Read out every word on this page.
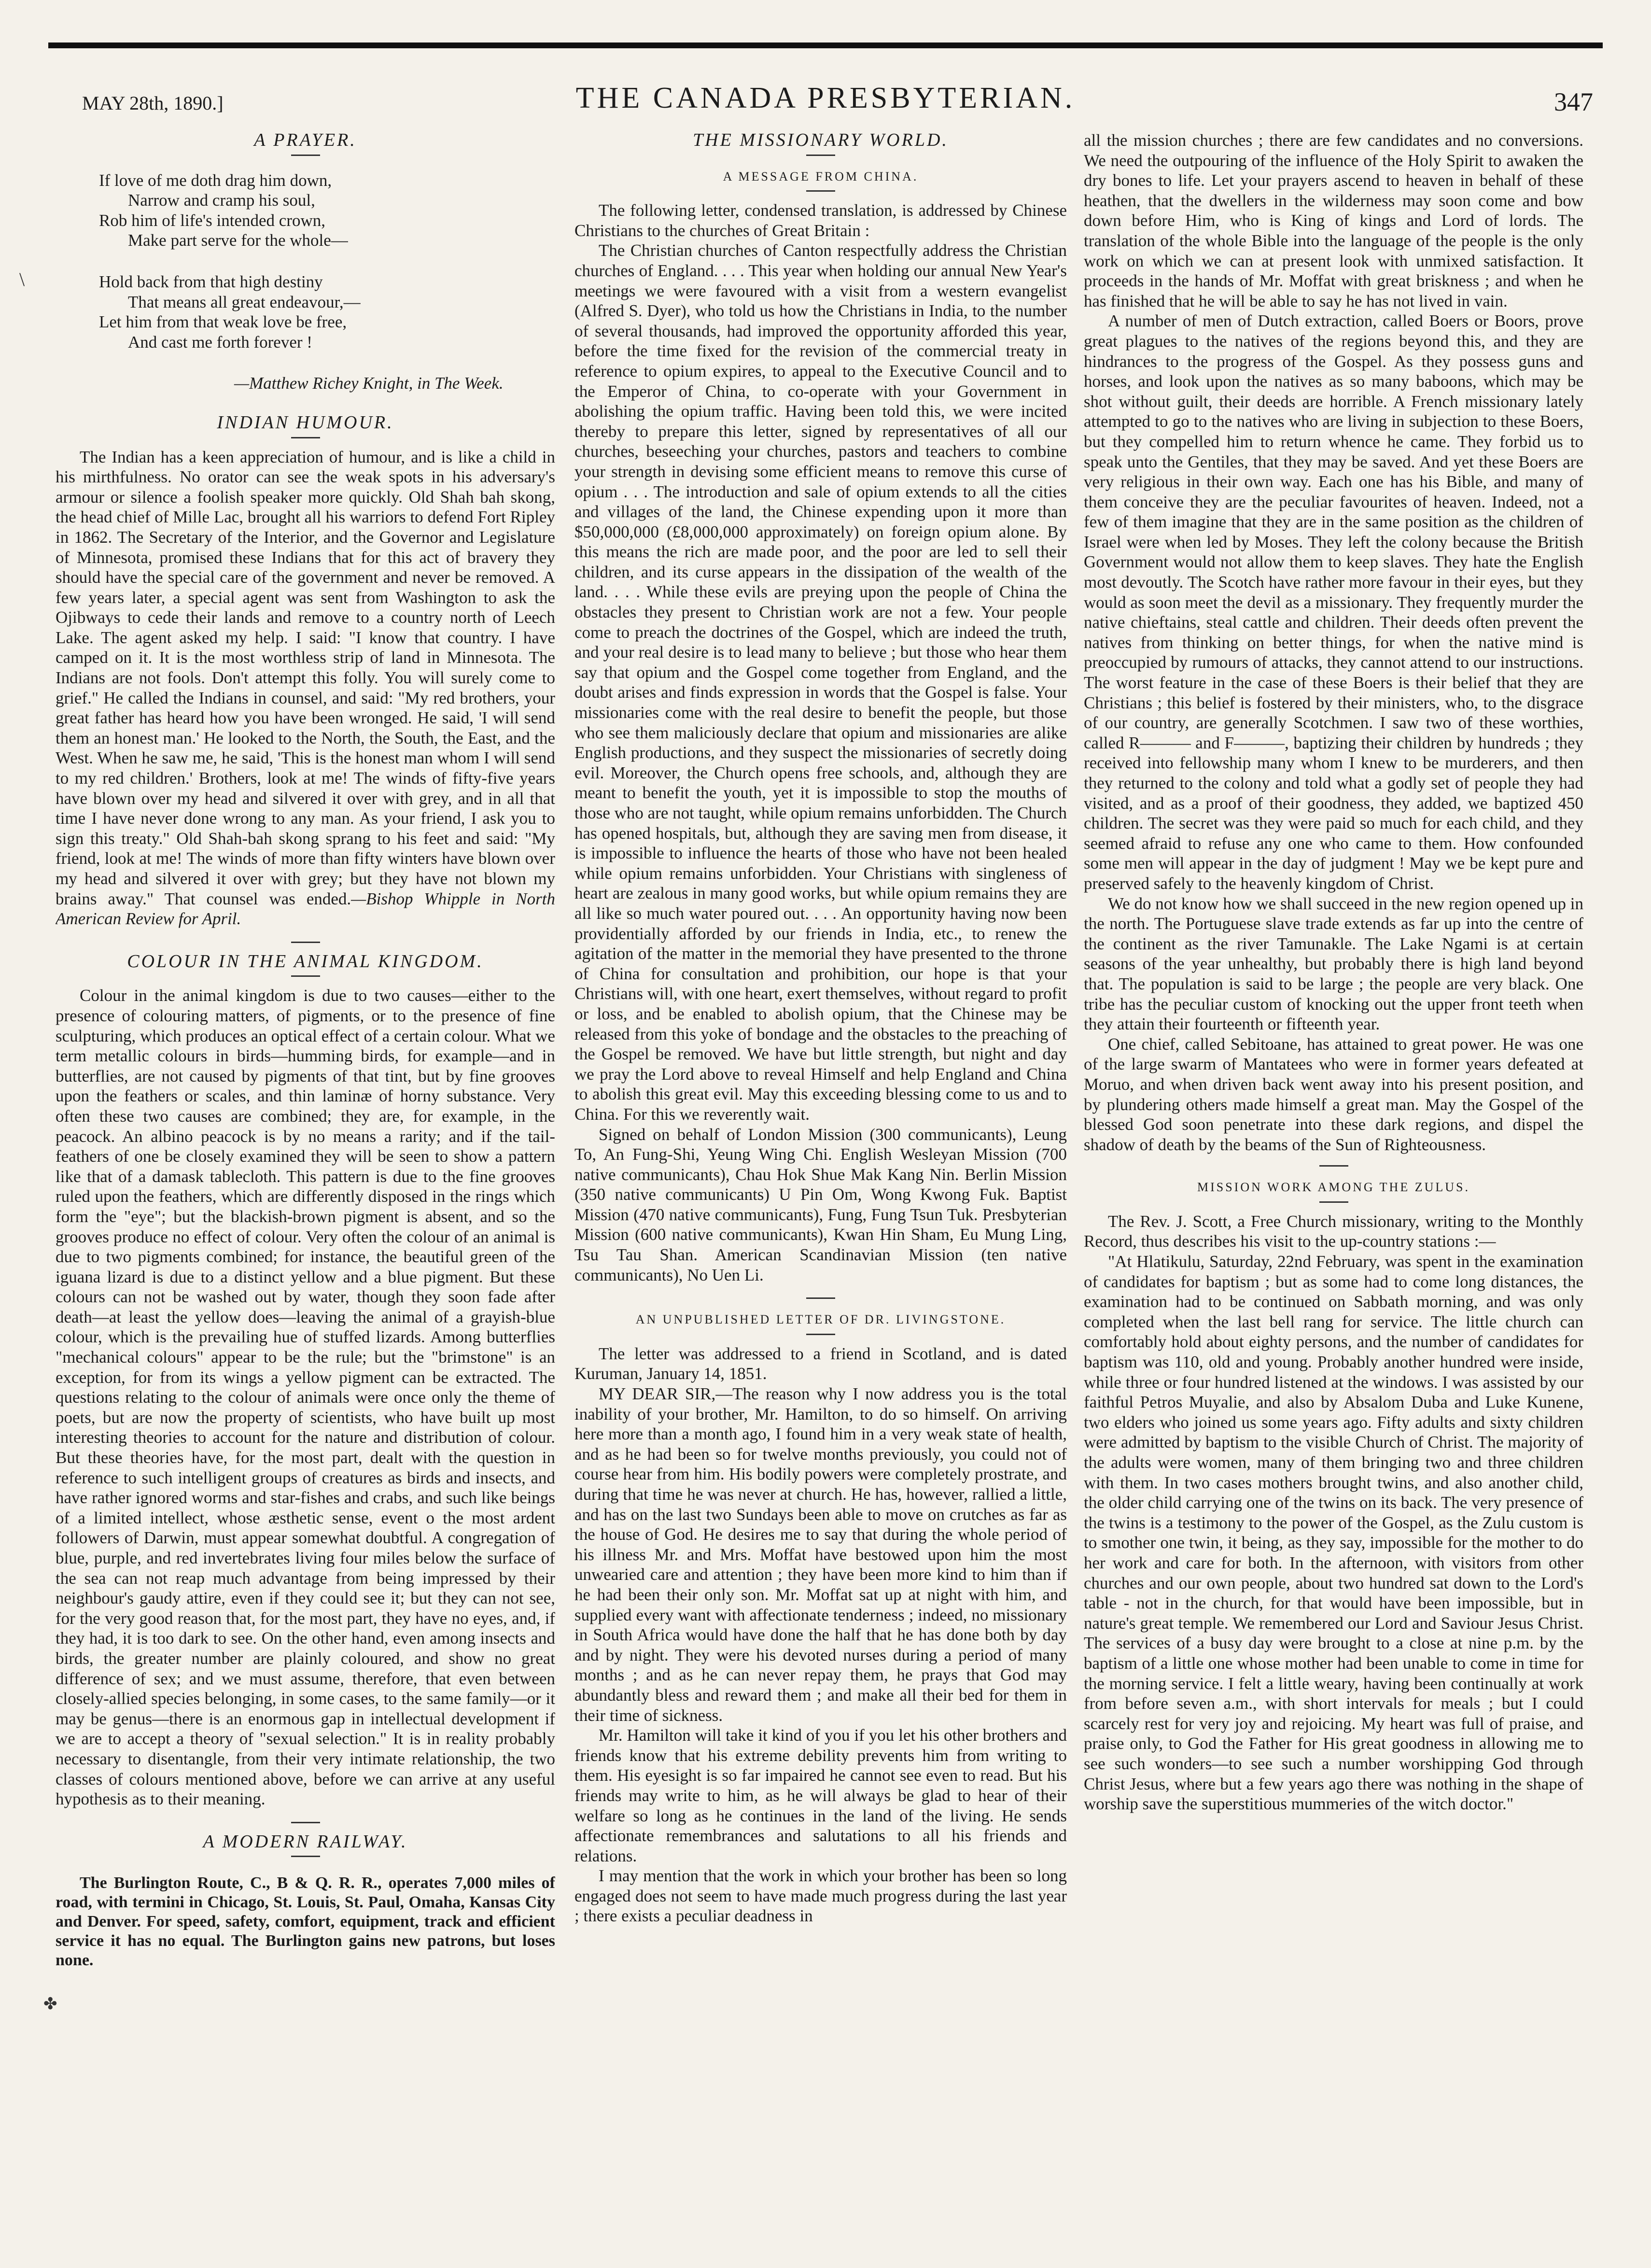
MAY 28th, 1890.]	THE CANADA PRESBYTERIAN.	347
\
✤
A PRAYER.
If love of me doth drag him down,
Narrow and cramp his soul,
Rob him of life's intended crown,
Make part serve for the whole—
Hold back from that high destiny
That means all great endeavour,—
Let him from that weak love be free,
And cast me forth forever !
—Matthew Richey Knight, in The Week.
INDIAN HUMOUR.

The Indian has a keen appreciation of humour, and is like a child in his mirthfulness. No orator can see the weak spots in his adversary's armour or silence a foolish speaker more quickly. Old Shah bah skong, the head chief of Mille Lac, brought all his warriors to defend Fort Ripley in 1862. The Secretary of the Interior, and the Governor and Legislature of Minnesota, promised these Indians that for this act of bravery they should have the special care of the government and never be removed. A few years later, a special agent was sent from Washington to ask the Ojibways to cede their lands and remove to a country north of Leech Lake. The agent asked my help. I said: "I know that country. I have camped on it. It is the most worthless strip of land in Minnesota. The Indians are not fools. Don't attempt this folly. You will surely come to grief." He called the Indians in counsel, and said: "My red brothers, your great father has heard how you have been wronged. He said, 'I will send them an honest man.' He looked to the North, the South, the East, and the West. When he saw me, he said, 'This is the honest man whom I will send to my red children.' Brothers, look at me! The winds of fifty-five years have blown over my head and silvered it over with grey, and in all that time I have never done wrong to any man. As your friend, I ask you to sign this treaty." Old Shah-bah skong sprang to his feet and said: "My friend, look at me! The winds of more than fifty winters have blown over my head and silvered it over with grey; but they have not blown my brains away." That counsel was ended.—Bishop Whipple in North American Review for April.

COLOUR IN THE ANIMAL KINGDOM.

Colour in the animal kingdom is due to two causes—either to the presence of colouring matters, of pigments, or to the presence of fine sculpturing, which produces an optical effect of a certain colour. What we term metallic colours in birds—humming birds, for example—and in butterflies, are not caused by pigments of that tint, but by fine grooves upon the feathers or scales, and thin laminæ of horny substance. Very often these two causes are combined; they are, for example, in the peacock. An albino peacock is by no means a rarity; and if the tail-feathers of one be closely examined they will be seen to show a pattern like that of a damask tablecloth. This pattern is due to the fine grooves ruled upon the feathers, which are differently disposed in the rings which form the "eye"; but the blackish-brown pigment is absent, and so the grooves produce no effect of colour. Very often the colour of an animal is due to two pigments combined; for instance, the beautiful green of the iguana lizard is due to a distinct yellow and a blue pigment. But these colours can not be washed out by water, though they soon fade after death—at least the yellow does—leaving the animal of a grayish-blue colour, which is the prevailing hue of stuffed lizards. Among butterflies "mechanical colours" appear to be the rule; but the "brimstone" is an exception, for from its wings a yellow pigment can be extracted. The questions relating to the colour of animals were once only the theme of poets, but are now the property of scientists, who have built up most interesting theories to account for the nature and distribution of colour. But these theories have, for the most part, dealt with the question in reference to such intelligent groups of creatures as birds and insects, and have rather ignored worms and star-fishes and crabs, and such like beings of a limited intellect, whose æsthetic sense, event o the most ardent followers of Darwin, must appear somewhat doubtful. A congregation of blue, purple, and red invertebrates living four miles below the surface of the sea can not reap much advantage from being impressed by their neighbour's gaudy attire, even if they could see it; but they can not see, for the very good reason that, for the most part, they have no eyes, and, if they had, it is too dark to see. On the other hand, even among insects and birds, the greater number are plainly coloured, and show no great difference of sex; and we must assume, therefore, that even between closely-allied species belonging, in some cases, to the same family—or it may be genus—there is an enormous gap in intellectual development if we are to accept a theory of "sexual selection." It is in reality probably necessary to disentangle, from their very intimate relationship, the two classes of colours mentioned above, before we can arrive at any useful hypothesis as to their meaning.

A MODERN RAILWAY.

The Burlington Route, C., B & Q. R. R., operates 7,000 miles of road, with termini in Chicago, St. Louis, St. Paul, Omaha, Kansas City and Denver. For speed, safety, comfort, equipment, track and efficient service it has no equal. The Burlington gains new patrons, but loses none.

THE MISSIONARY WORLD.
A MESSAGE FROM CHINA.

The following letter, condensed translation, is addressed by Chinese Christians to the churches of Great Britain :

The Christian churches of Canton respectfully address the Christian churches of England. . . . This year when holding our annual New Year's meetings we were favoured with a visit from a western evangelist (Alfred S. Dyer), who told us how the Christians in India, to the number of several thousands, had improved the opportunity afforded this year, before the time fixed for the revision of the commercial treaty in reference to opium expires, to appeal to the Executive Council and to the Emperor of China, to co-operate with your Government in abolishing the opium traffic. Having been told this, we were incited thereby to prepare this letter, signed by representatives of all our churches, beseeching your churches, pastors and teachers to combine your strength in devising some efficient means to remove this curse of opium . . . The introduction and sale of opium extends to all the cities and villages of the land, the Chinese expending upon it more than $50,000,000 (£8,000,000 approximately) on foreign opium alone. By this means the rich are made poor, and the poor are led to sell their children, and its curse appears in the dissipation of the wealth of the land. . . . While these evils are preying upon the people of China the obstacles they present to Christian work are not a few. Your people come to preach the doctrines of the Gospel, which are indeed the truth, and your real desire is to lead many to believe ; but those who hear them say that opium and the Gospel come together from England, and the doubt arises and finds expression in words that the Gospel is false. Your missionaries come with the real desire to benefit the people, but those who see them maliciously declare that opium and missionaries are alike English productions, and they suspect the missionaries of secretly doing evil. Moreover, the Church opens free schools, and, although they are meant to benefit the youth, yet it is impossible to stop the mouths of those who are not taught, while opium remains unforbidden. The Church has opened hospitals, but, although they are saving men from disease, it is impossible to influence the hearts of those who have not been healed while opium remains unforbidden. Your Christians with singleness of heart are zealous in many good works, but while opium remains they are all like so much water poured out. . . . An opportunity having now been providentially afforded by our friends in India, etc., to renew the agitation of the matter in the memorial they have presented to the throne of China for consultation and prohibition, our hope is that your Christians will, with one heart, exert themselves, without regard to profit or loss, and be enabled to abolish opium, that the Chinese may be released from this yoke of bondage and the obstacles to the preaching of the Gospel be removed. We have but little strength, but night and day we pray the Lord above to reveal Himself and help England and China to abolish this great evil. May this exceeding blessing come to us and to China. For this we reverently wait.

Signed on behalf of London Mission (300 communicants), Leung To, An Fung-Shi, Yeung Wing Chi. English Wesleyan Mission (700 native communicants), Chau Hok Shue Mak Kang Nin. Berlin Mission (350 native communicants) U Pin Om, Wong Kwong Fuk. Baptist Mission (470 native communicants), Fung, Fung Tsun Tuk. Presbyterian Mission (600 native communicants), Kwan Hin Sham, Eu Mung Ling, Tsu Tau Shan. American Scandinavian Mission (ten native communicants), No Uen Li.

AN UNPUBLISHED LETTER OF DR. LIVINGSTONE.

The letter was addressed to a friend in Scotland, and is dated Kuruman, January 14, 1851.

MY DEAR SIR,—The reason why I now address you is the total inability of your brother, Mr. Hamilton, to do so himself. On arriving here more than a month ago, I found him in a very weak state of health, and as he had been so for twelve months previously, you could not of course hear from him. His bodily powers were completely prostrate, and during that time he was never at church. He has, however, rallied a little, and has on the last two Sundays been able to move on crutches as far as the house of God. He desires me to say that during the whole period of his illness Mr. and Mrs. Moffat have bestowed upon him the most unwearied care and attention ; they have been more kind to him than if he had been their only son. Mr. Moffat sat up at night with him, and supplied every want with affectionate tenderness ; indeed, no missionary in South Africa would have done the half that he has done both by day and by night. They were his devoted nurses during a period of many months ; and as he can never repay them, he prays that God may abundantly bless and reward them ; and make all their bed for them in their time of sickness.

Mr. Hamilton will take it kind of you if you let his other brothers and friends know that his extreme debility prevents him from writing to them. His eyesight is so far impaired he cannot see even to read. But his friends may write to him, as he will always be glad to hear of their welfare so long as he continues in the land of the living. He sends affectionate remembrances and salutations to all his friends and relations.

I may mention that the work in which your brother has been so long engaged does not seem to have made much progress during the last year ; there exists a peculiar deadness in

all the mission churches ; there are few candidates and no conversions. We need the outpouring of the influence of the Holy Spirit to awaken the dry bones to life. Let your prayers ascend to heaven in behalf of these heathen, that the dwellers in the wilderness may soon come and bow down before Him, who is King of kings and Lord of lords. The translation of the whole Bible into the language of the people is the only work on which we can at present look with unmixed satisfaction. It proceeds in the hands of Mr. Moffat with great briskness ; and when he has finished that he will be able to say he has not lived in vain.

A number of men of Dutch extraction, called Boers or Boors, prove great plagues to the natives of the regions beyond this, and they are hindrances to the progress of the Gospel. As they possess guns and horses, and look upon the natives as so many baboons, which may be shot without guilt, their deeds are horrible. A French missionary lately attempted to go to the natives who are living in subjection to these Boers, but they compelled him to return whence he came. They forbid us to speak unto the Gentiles, that they may be saved. And yet these Boers are very religious in their own way. Each one has his Bible, and many of them conceive they are the peculiar favourites of heaven. Indeed, not a few of them imagine that they are in the same position as the children of Israel were when led by Moses. They left the colony because the British Government would not allow them to keep slaves. They hate the English most devoutly. The Scotch have rather more favour in their eyes, but they would as soon meet the devil as a missionary. They frequently murder the native chieftains, steal cattle and children. Their deeds often prevent the natives from thinking on better things, for when the native mind is preoccupied by rumours of attacks, they cannot attend to our instructions. The worst feature in the case of these Boers is their belief that they are Christians ; this belief is fostered by their ministers, who, to the disgrace of our country, are generally Scotchmen. I saw two of these worthies, called R——— and F———, baptizing their children by hundreds ; they received into fellowship many whom I knew to be murderers, and then they returned to the colony and told what a godly set of people they had visited, and as a proof of their goodness, they added, we baptized 450 children. The secret was they were paid so much for each child, and they seemed afraid to refuse any one who came to them. How confounded some men will appear in the day of judgment ! May we be kept pure and preserved safely to the heavenly kingdom of Christ.

We do not know how we shall succeed in the new region opened up in the north. The Portuguese slave trade extends as far up into the centre of the continent as the river Tamunakle. The Lake Ngami is at certain seasons of the year unhealthy, but probably there is high land beyond that. The population is said to be large ; the people are very black. One tribe has the peculiar custom of knocking out the upper front teeth when they attain their fourteenth or fifteenth year.

One chief, called Sebitoane, has attained to great power. He was one of the large swarm of Mantatees who were in former years defeated at Moruo, and when driven back went away into his present position, and by plundering others made himself a great man. May the Gospel of the blessed God soon penetrate into these dark regions, and dispel the shadow of death by the beams of the Sun of Righteousness.

MISSION WORK AMONG THE ZULUS.

The Rev. J. Scott, a Free Church missionary, writing to the Monthly Record, thus describes his visit to the up-country stations :—

"At Hlatikulu, Saturday, 22nd February, was spent in the examination of candidates for baptism ; but as some had to come long distances, the examination had to be continued on Sabbath morning, and was only completed when the last bell rang for service. The little church can comfortably hold about eighty persons, and the number of candidates for baptism was 110, old and young. Probably another hundred were inside, while three or four hundred listened at the windows. I was assisted by our faithful Petros Muyalie, and also by Absalom Duba and Luke Kunene, two elders who joined us some years ago. Fifty adults and sixty children were admitted by baptism to the visible Church of Christ. The majority of the adults were women, many of them bringing two and three children with them. In two cases mothers brought twins, and also another child, the older child carrying one of the twins on its back. The very presence of the twins is a testimony to the power of the Gospel, as the Zulu custom is to smother one twin, it being, as they say, impossible for the mother to do her work and care for both. In the afternoon, with visitors from other churches and our own people, about two hundred sat down to the Lord's table - not in the church, for that would have been impossible, but in nature's great temple. We remembered our Lord and Saviour Jesus Christ. The services of a busy day were brought to a close at nine p.m. by the baptism of a little one whose mother had been unable to come in time for the morning service. I felt a little weary, having been continually at work from before seven a.m., with short intervals for meals ; but I could scarcely rest for very joy and rejoicing. My heart was full of praise, and praise only, to God the Father for His great goodness in allowing me to see such wonders—to see such a number worshipping God through Christ Jesus, where but a few years ago there was nothing in the shape of worship save the superstitious mummeries of the witch doctor."
